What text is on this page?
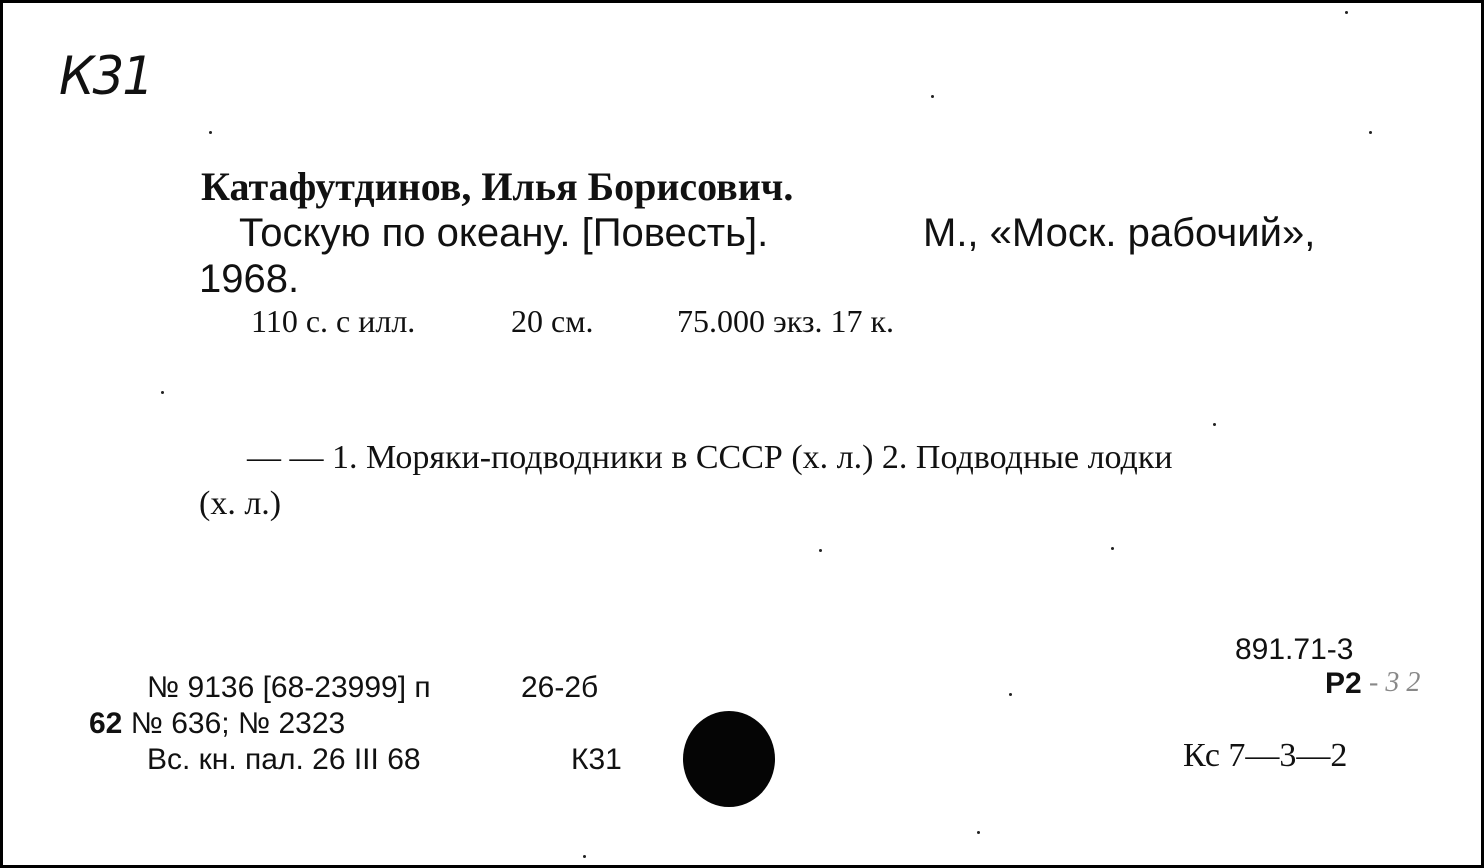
К31
Катафутдинов, Илья Борисович.
Тоскую по океану. [Повесть].	М., «Моск. рабочий»,
1968.
110 с. с илл.	20 см.	75.000 экз. 17 к.
— — 1. Моряки-подводники в СССР (х. л.) 2. Подводные лодки
(х. л.)
891.71-3
Р2 - 3 2
Кс 7—3—2
№ 9136 [68-23999] п	26-2б
62 № 636; № 2323
Вс. кн. пал. 26 III 68	К31
